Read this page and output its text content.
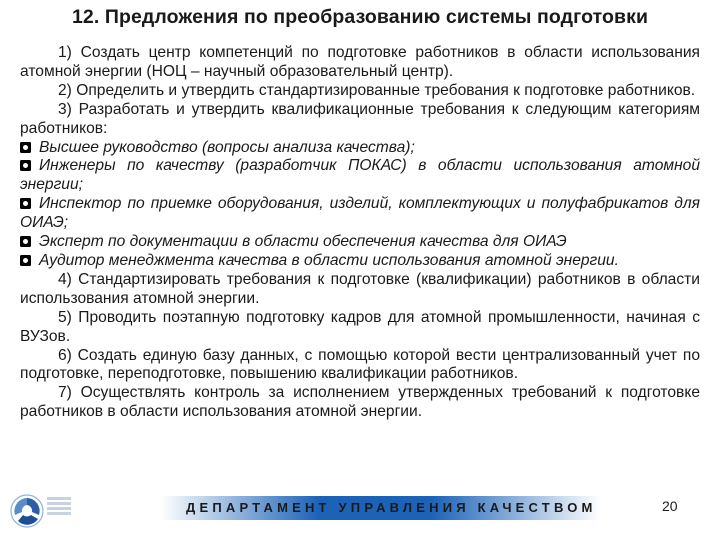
12. Предложения по преобразованию системы подготовки

1) Создать центр компетенций по подготовке работников в области использования атомной энергии (НОЦ – научный образовательный центр).

2) Определить и утвердить стандартизированные требования к подготовке работников.

3) Разработать и утвердить квалификационные требования к следующим категориям работников:

Высшее руководство (вопросы анализа качества);

Инженеры по качеству (разработчик ПОКАС) в области использования атомной энергии;

Инспектор по приемке оборудования, изделий, комплектующих и полуфабрикатов для ОИАЭ;

Эксперт по документации в области обеспечения качества для ОИАЭ

Аудитор менеджмента качества в области использования атомной энергии.

4) Стандартизировать требования к подготовке (квалификации) работников в области использования атомной энергии.

5) Проводить поэтапную подготовку кадров для атомной промышленности, начиная с ВУЗов.

6) Создать единую базу данных, с помощью которой вести централизованный учет по подготовке, переподготовке, повышению квалификации работников.

7) Осуществлять контроль за исполнением утвержденных требований к подготовке работников в области использования атомной энергии.

ДЕПАРТАМЕНТ УПРАВЛЕНИЯ КАЧЕСТВОМ	20
